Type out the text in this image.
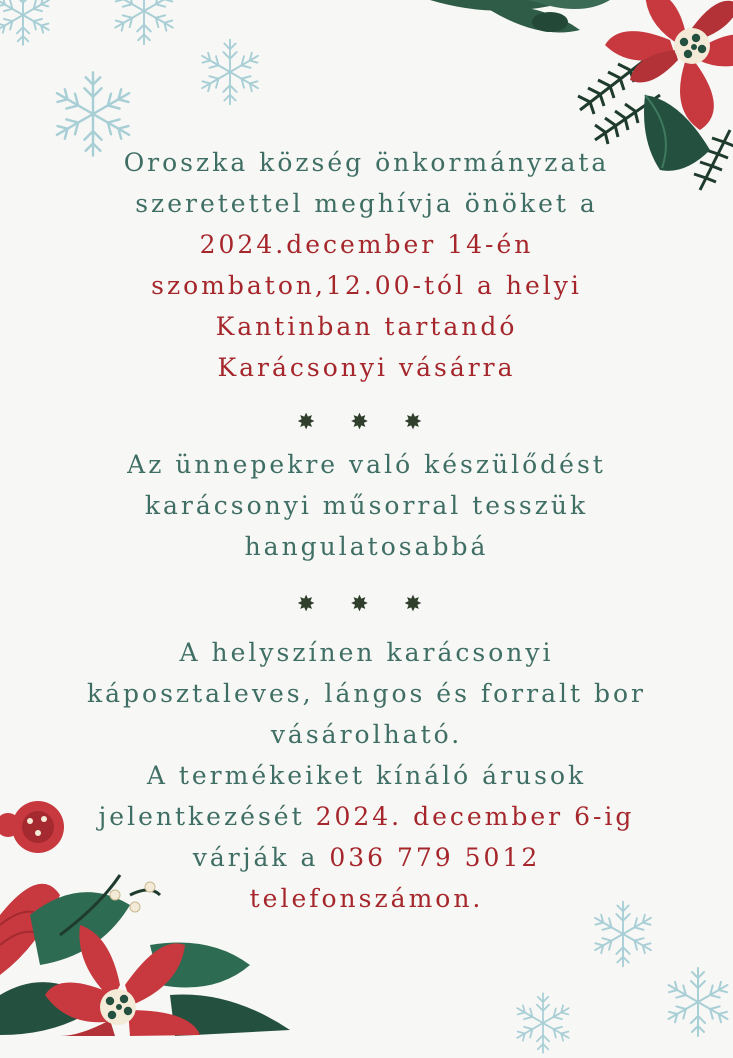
Oroszka község önkormányzata
szeretettel meghívja önöket a
2024.december 14-én
szombaton,12.00-tól a helyi
Kantinban tartandó
Karácsonyi vásárra
✸ ✸ ✸
Az ünnepekre való készülődést
karácsonyi műsorral tesszük
hangulatosabbá
✸ ✸ ✸
A helyszínen karácsonyi
káposztaleves, lángos és forralt bor
vásárolható.
A termékeiket kínáló árusok
jelentkezését 2024. december 6-ig
várják a 036 779 5012
telefonszámon.
